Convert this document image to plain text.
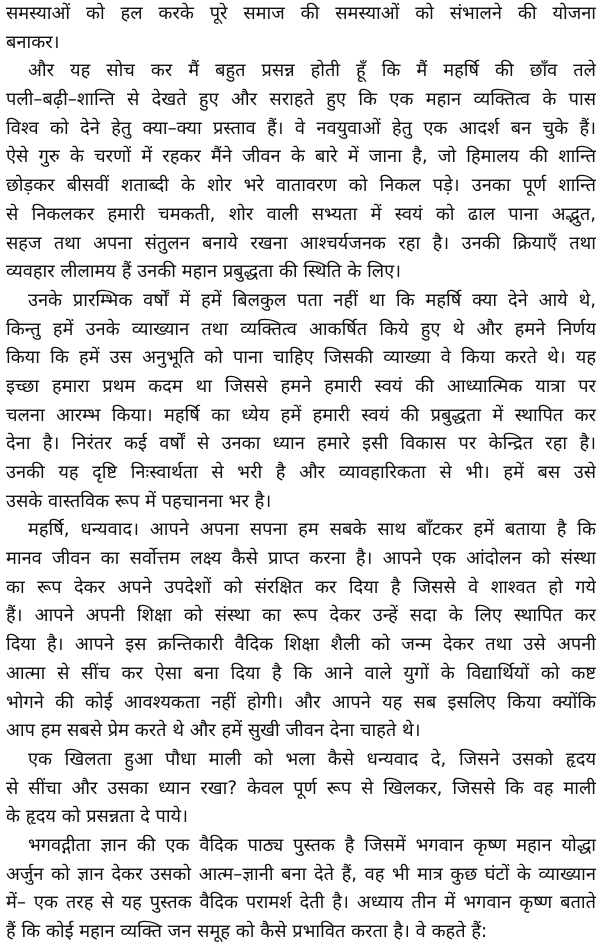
समस्याओं को हल करके पूरे समाज की समस्याओं को संभालने की योजना
बनाकर।
और यह सोच कर मैं बहुत प्रसन्न होती हूँ कि मैं महर्षि की छाँव तले
पली–बढ़ी–शान्ति से देखते हुए और सराहते हुए कि एक महान व्यक्तित्व के पास
विश्व को देने हेतु क्या–क्या प्रस्ताव हैं। वे नवयुवाओं हेतु एक आदर्श बन चुके हैं।
ऐसे गुरु के चरणों में रहकर मैंने जीवन के बारे में जाना है, जो हिमालय की शान्ति
छोड़कर बीसवीं शताब्दी के शोर भरे वातावरण को निकल पड़े। उनका पूर्ण शान्ति
से निकलकर हमारी चमकती, शोर वाली सभ्यता में स्वयं को ढाल पाना अद्भुत,
सहज तथा अपना संतुलन बनाये रखना आश्चर्यजनक रहा है। उनकी क्रियाएँ तथा
व्यवहार लीलामय हैं उनकी महान प्रबुद्धता की स्थिति के लिए।
उनके प्रारम्भिक वर्षों में हमें बिलकुल पता नहीं था कि महर्षि क्या देने आये थे,
किन्तु हमें उनके व्याख्यान तथा व्यक्तित्व आकर्षित किये हुए थे और हमने निर्णय
किया कि हमें उस अनुभूति को पाना चाहिए जिसकी व्याख्या वे किया करते थे। यह
इच्छा हमारा प्रथम कदम था जिससे हमने हमारी स्वयं की आध्यात्मिक यात्रा पर
चलना आरम्भ किया। महर्षि का ध्येय हमें हमारी स्वयं की प्रबुद्धता में स्थापित कर
देना है। निरंतर कई वर्षों से उनका ध्यान हमारे इसी विकास पर केन्द्रित रहा है।
उनकी यह दृष्टि निःस्वार्थता से भरी है और व्यावहारिकता से भी। हमें बस उसे
उसके वास्तविक रूप में पहचानना भर है।
महर्षि, धन्यवाद। आपने अपना सपना हम सबके साथ बाँटकर हमें बताया है कि
मानव जीवन का सर्वोत्तम लक्ष्य कैसे प्राप्त करना है। आपने एक आंदोलन को संस्था
का रूप देकर अपने उपदेशों को संरक्षित कर दिया है जिससे वे शाश्वत हो गये
हैं। आपने अपनी शिक्षा को संस्था का रूप देकर उन्हें सदा के लिए स्थापित कर
दिया है। आपने इस क्रन्तिकारी वैदिक शिक्षा शैली को जन्म देकर तथा उसे अपनी
आत्मा से सींच कर ऐसा बना दिया है कि आने वाले युगों के विद्यार्थियों को कष्ट
भोगने की कोई आवश्यकता नहीं होगी। और आपने यह सब इसलिए किया क्योंकि
आप हम सबसे प्रेम करते थे और हमें सुखी जीवन देना चाहते थे।
एक खिलता हुआ पौधा माली को भला कैसे धन्यवाद दे, जिसने उसको हृदय
से सींचा और उसका ध्यान रखा? केवल पूर्ण रूप से खिलकर, जिससे कि वह माली
के हृदय को प्रसन्नता दे पाये।
भगवद्गीता ज्ञान की एक वैदिक पाठ्य पुस्तक है जिसमें भगवान कृष्ण महान योद्धा
अर्जुन को ज्ञान देकर उसको आत्म–ज्ञानी बना देते हैं, वह भी मात्र कुछ घंटों के व्याख्यान
में– एक तरह से यह पुस्तक वैदिक परामर्श देती है। अध्याय तीन में भगवान कृष्ण बताते
हैं कि कोई महान व्यक्ति जन समूह को कैसे प्रभावित करता है। वे कहते हैं:
